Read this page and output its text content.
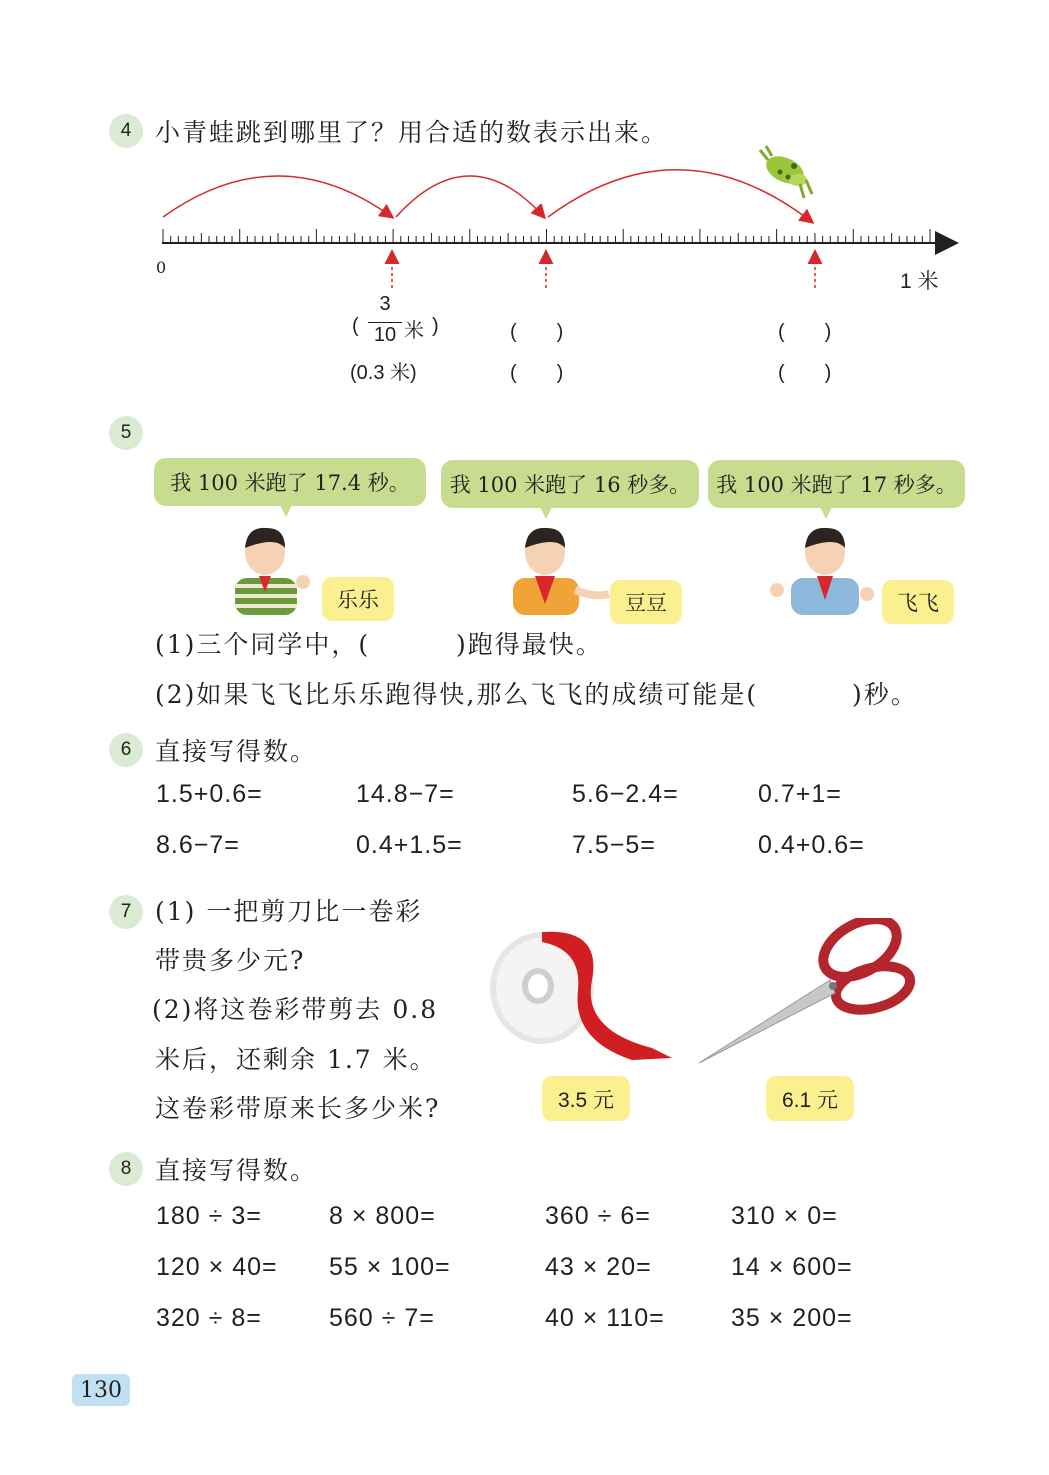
4 小青蛙跳到哪里了？用合适的数表示出来。
0
1 米
(
3
10 米 )	(　　)	(　　)
(0.3 米)	(　　)	(　　)
5
我 100 米跑了 17.4 秒。	我 100 米跑了 16 秒多。	我 100 米跑了 17 秒多。
乐乐	豆豆	飞飞
(1)三个同学中，(	)跑得最快。
(2)如果飞飞比乐乐跑得快,那么飞飞的成绩可能是(	)秒。
6 直接写得数。
1.5+0.6=	14.8−7=	5.6−2.4=	0.7+1=
8.6−7=	0.4+1.5=	7.5−5=	0.4+0.6=
7 (1) 一把剪刀比一卷彩
带贵多少元?
(2)将这卷彩带剪去 0.8
米后，还剩余 1.7 米。
这卷彩带原来长多少米?	3.5 元	6.1 元
8 直接写得数。
180 ÷ 3=	8 × 800=	360 ÷ 6=	310 × 0=
120 × 40= 55 × 100=	43 × 20=	14 × 600=
320 ÷ 8=	560 ÷ 7=	40 × 110=	35 × 200=
130
